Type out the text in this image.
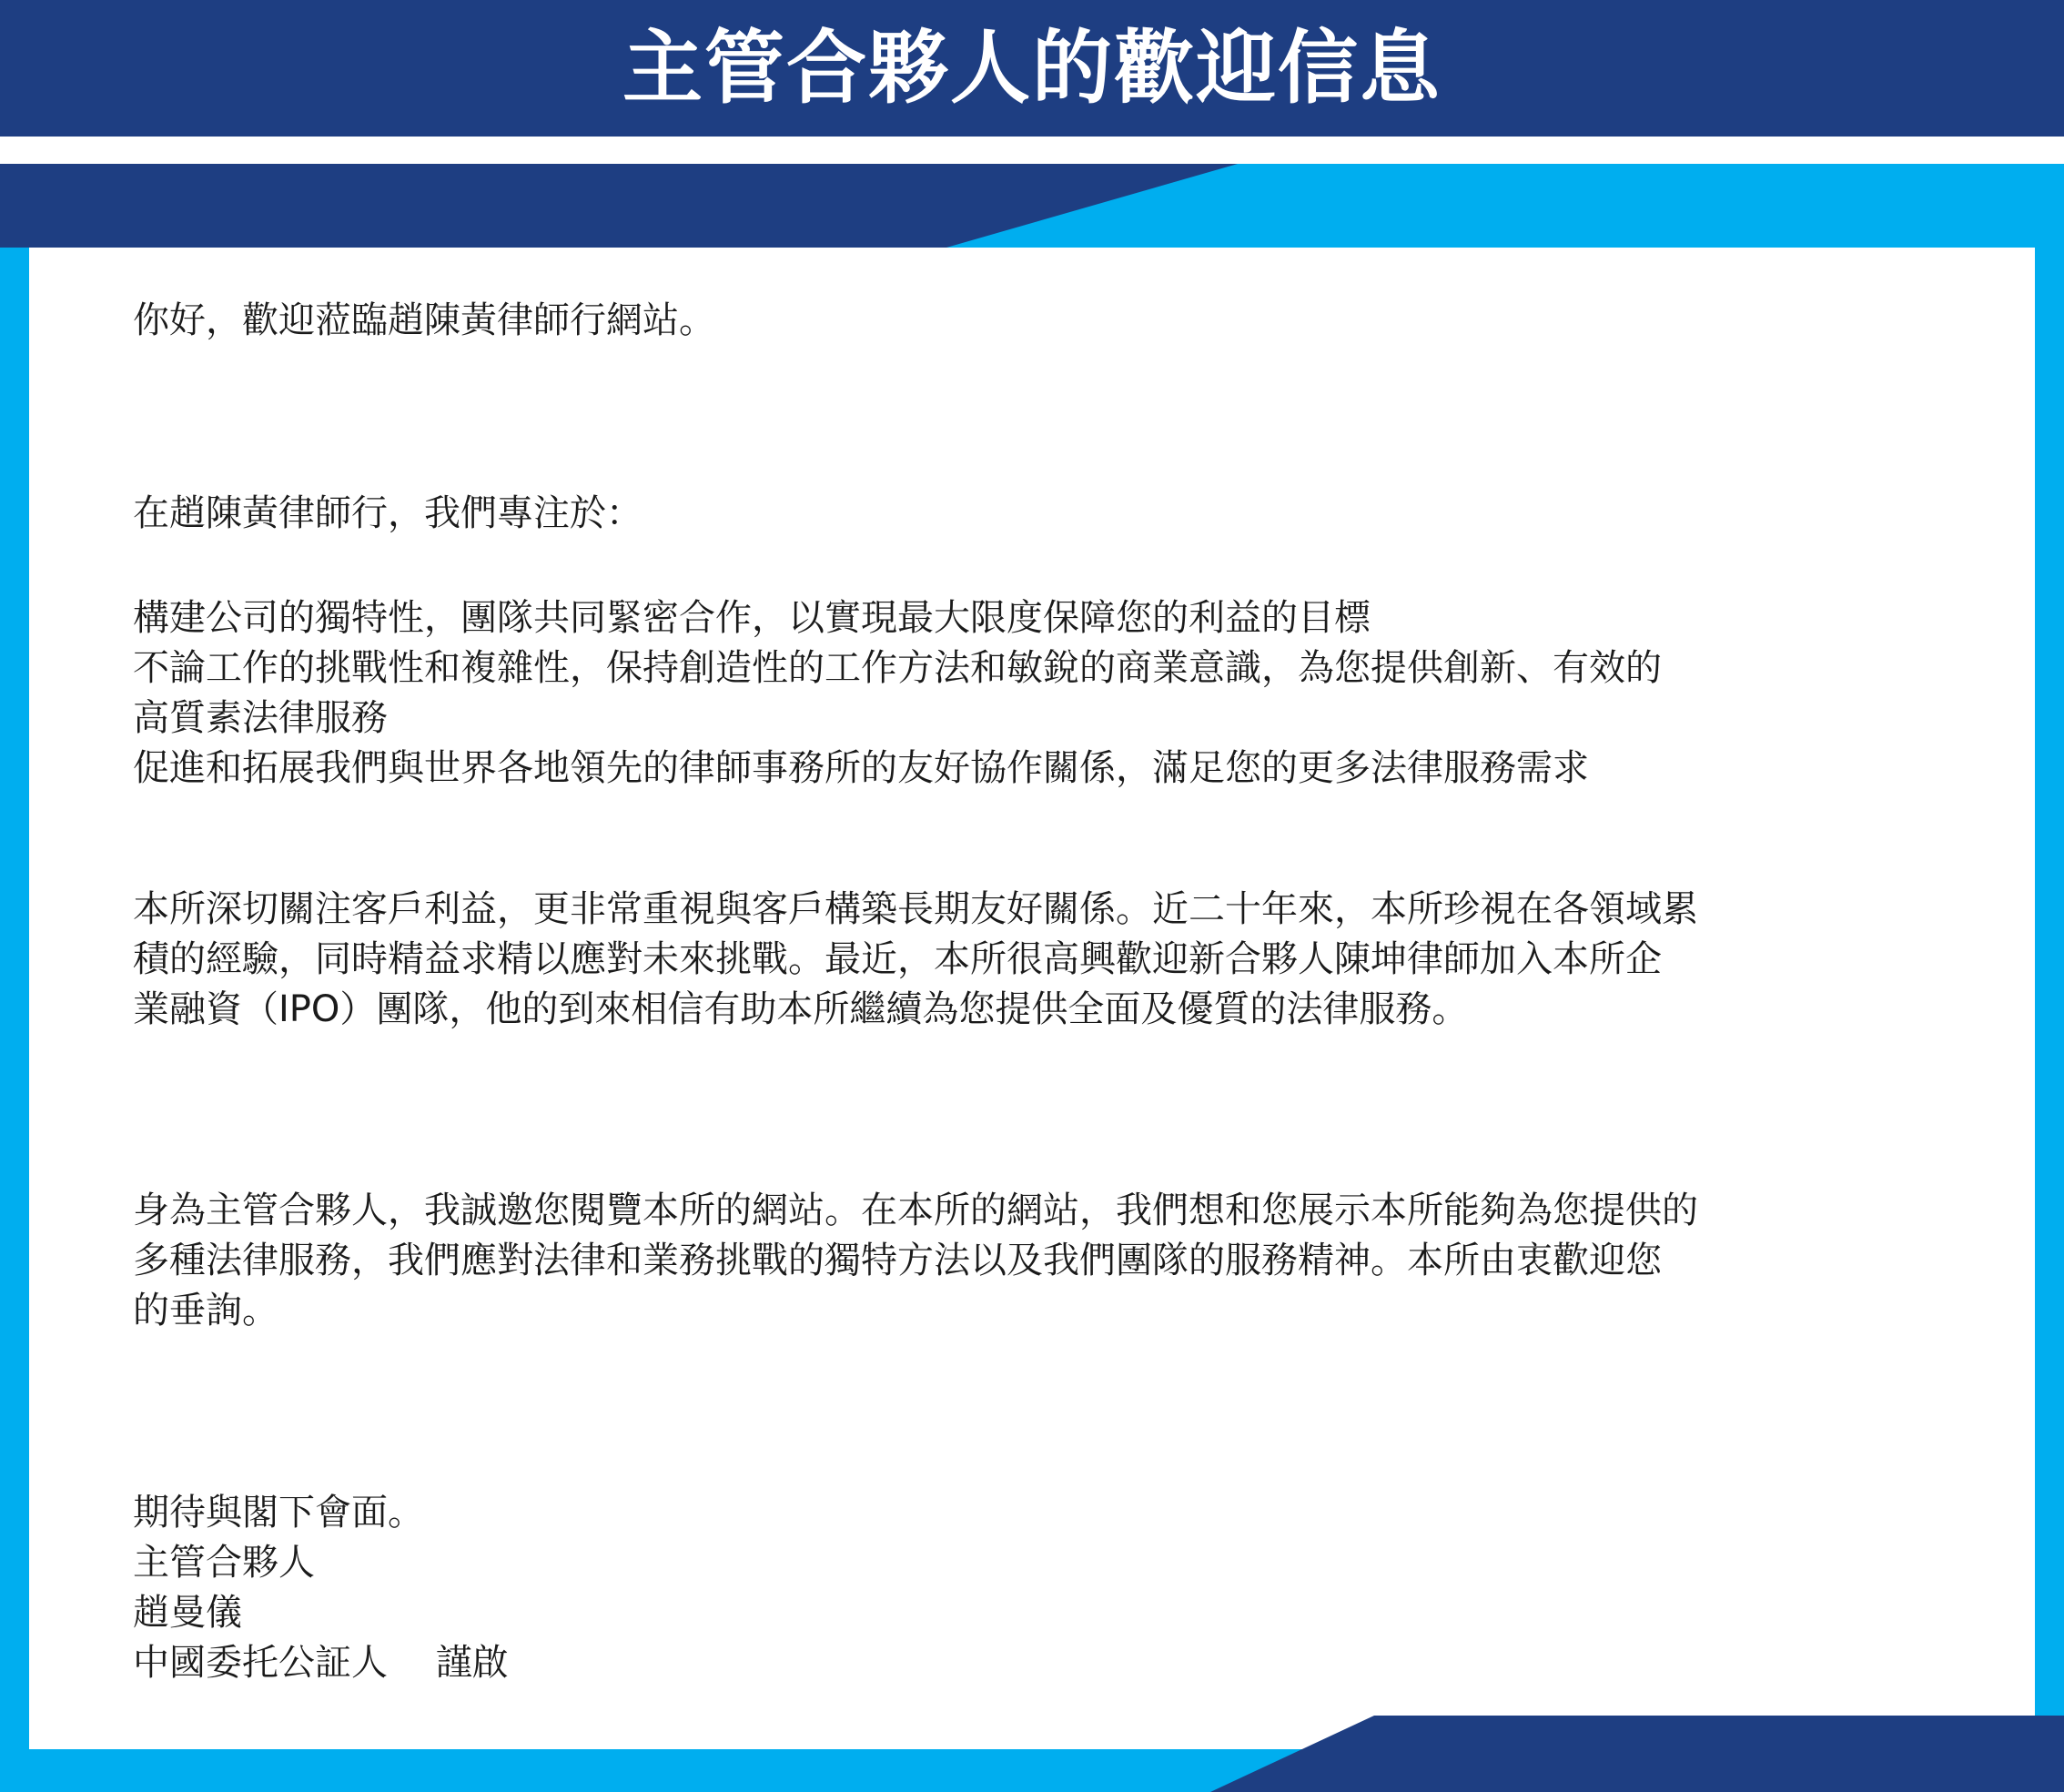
主管合夥人的歡迎信息
你好，歡迎蒞臨趙陳黃律師行網站。
在趙陳黃律師行，我們專注於：
構建公司的獨特性，團隊共同緊密合作，以實現最大限度保障您的利益的目標
不論工作的挑戰性和複雜性，保持創造性的工作方法和敏銳的商業意識，為您提供創新、有效的
高質素法律服務
促進和拓展我們與世界各地領先的律師事務所的友好協作關係，滿足您的更多法律服務需求
本所深切關注客戶利益，更非常重視與客戶構築長期友好關係。近二十年來，本所珍視在各領域累
積的經驗，同時精益求精以應對未來挑戰。最近，本所很高興歡迎新合夥人陳坤律師加入本所企
業融資（IPO）團隊，他的到來相信有助本所繼續為您提供全面及優質的法律服務。
身為主管合夥人，我誠邀您閱覽本所的網站。在本所的網站，我們想和您展示本所能夠為您提供的
多種法律服務，我們應對法律和業務挑戰的獨特方法以及我們團隊的服務精神。本所由衷歡迎您
的垂詢。
期待與閣下會面。
主管合夥人
趙曼儀
中國委托公証人　 謹啟
